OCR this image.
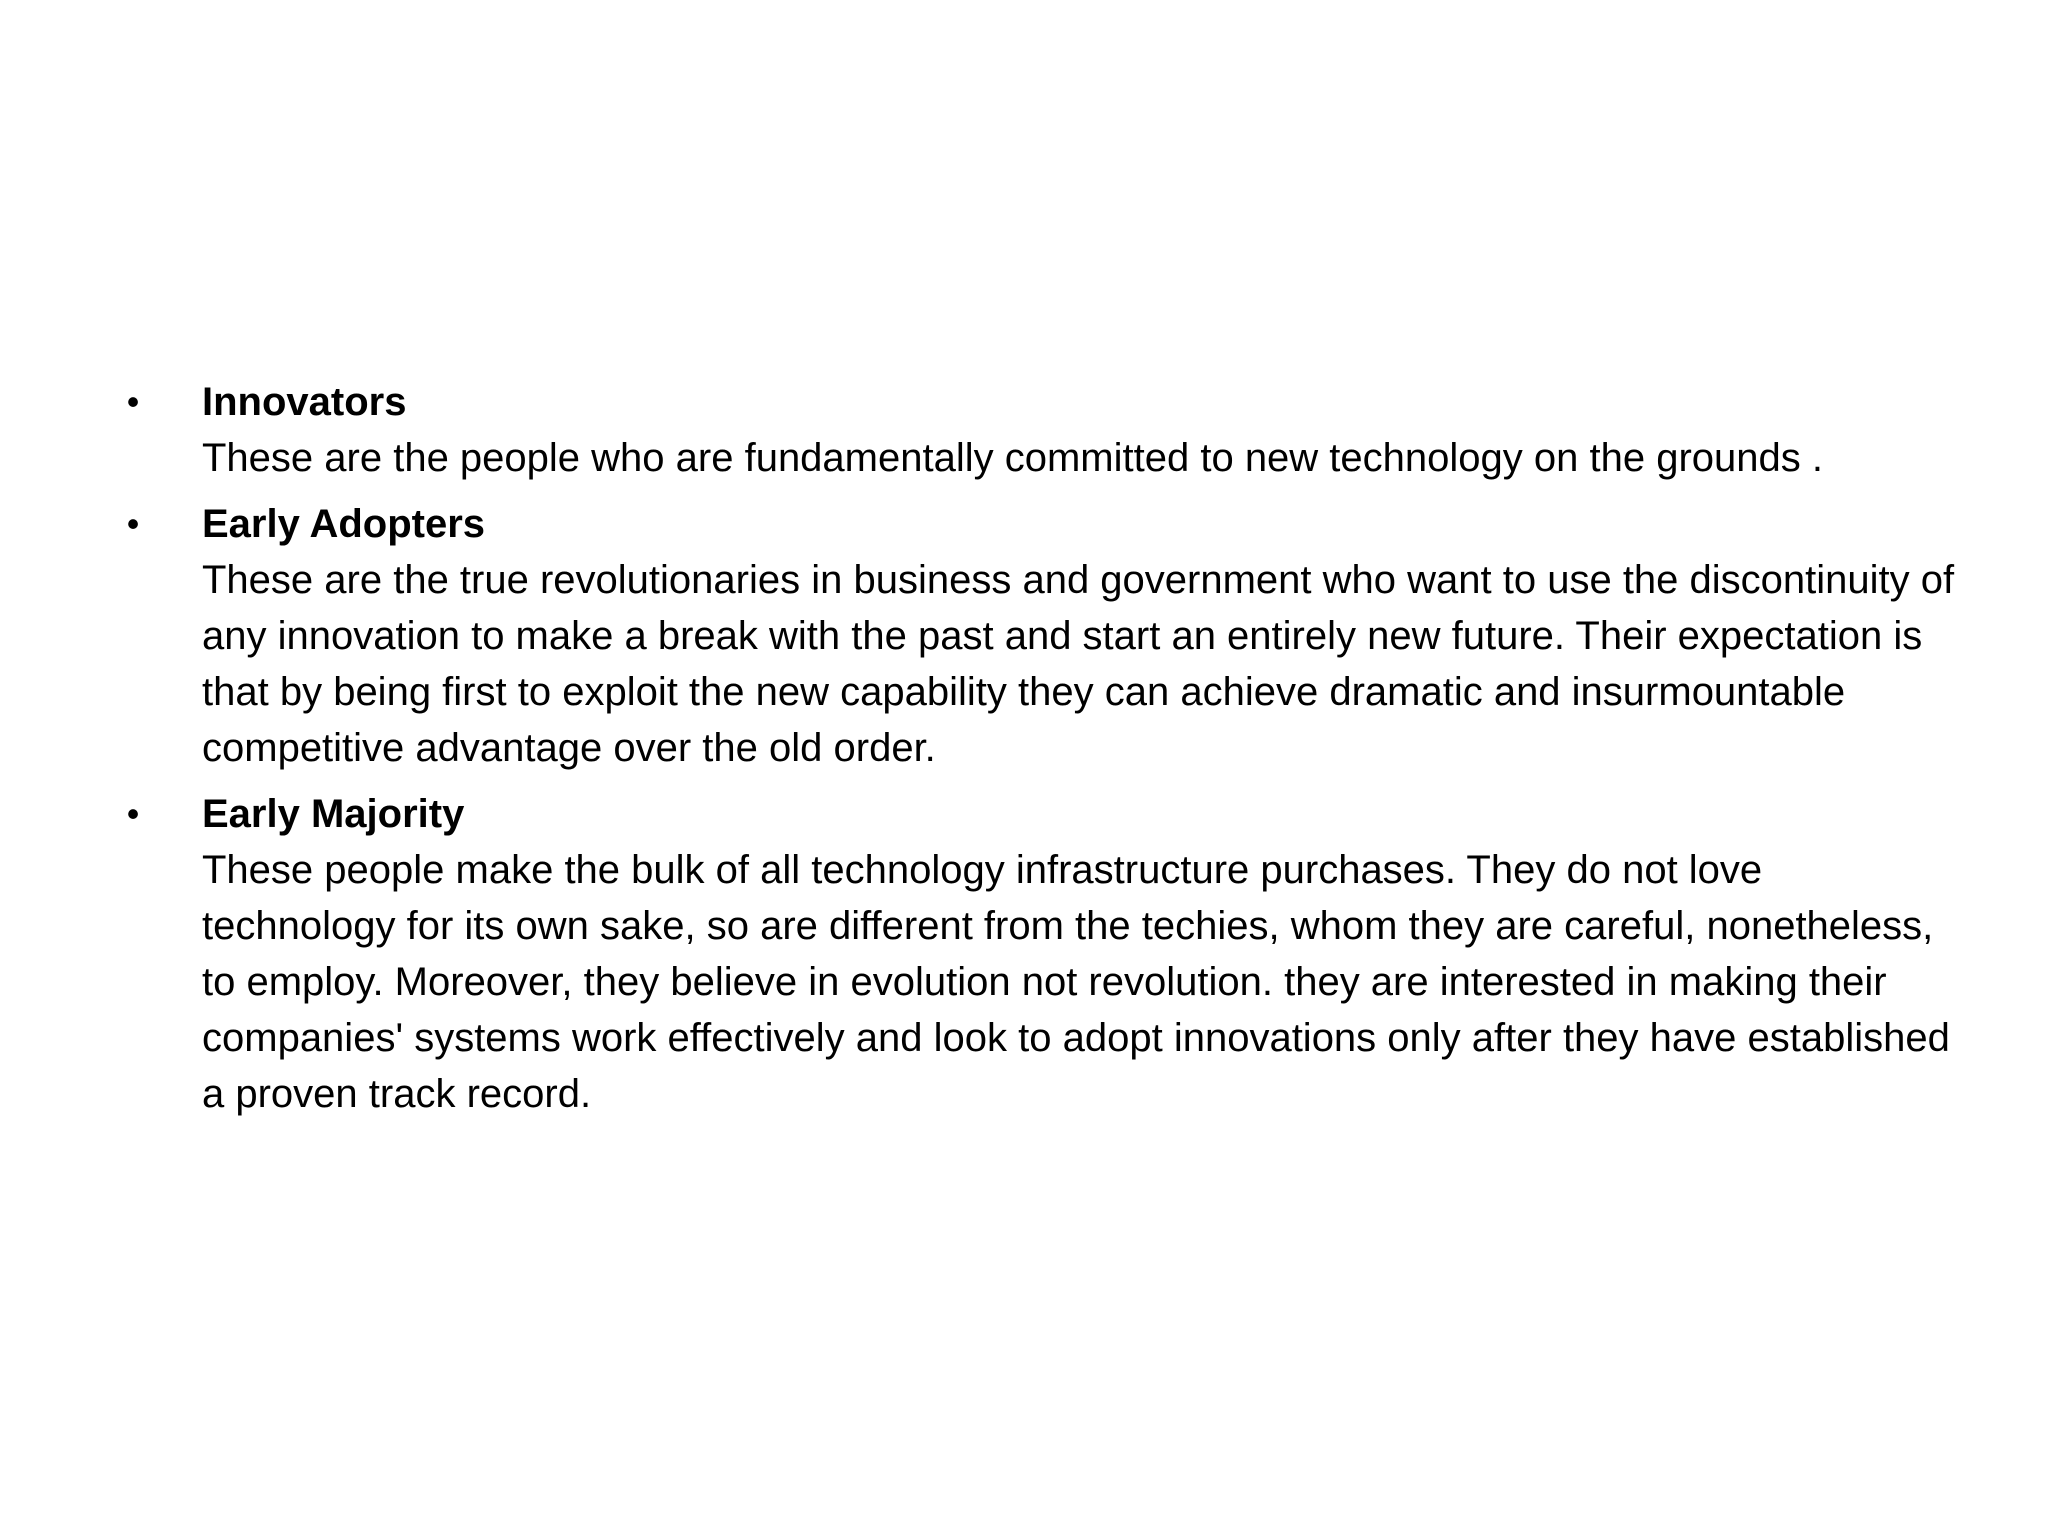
• Innovators
These are the people who are fundamentally committed to new technology on the grounds .
• Early Adopters
These are the true revolutionaries in business and government who want to use the discontinuity of any innovation to make a break with the past and start an entirely new future. Their expectation is that by being first to exploit the new capability they can achieve dramatic and insurmountable competitive advantage over the old order.
• Early Majority
These people make the bulk of all technology infrastructure purchases. They do not love technology for its own sake, so are different from the techies, whom they are careful, nonetheless, to employ. Moreover, they believe in evolution not revolution. they are interested in making their companies' systems work effectively and look to adopt innovations only after they have established a proven track record.
